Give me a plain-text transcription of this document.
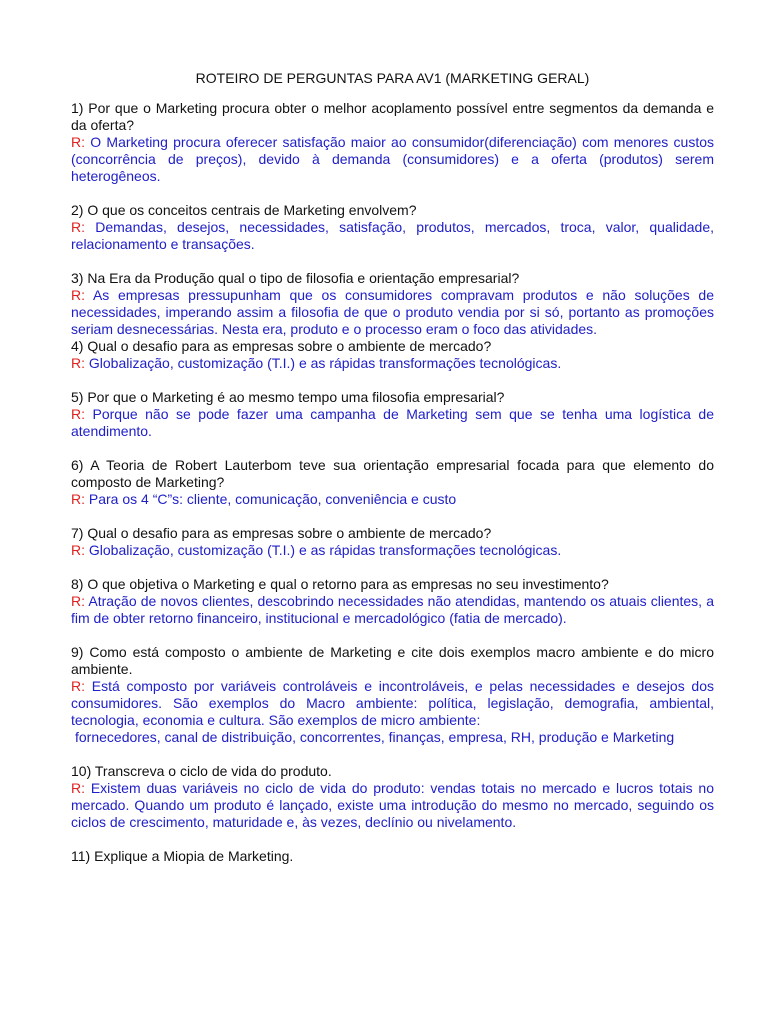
ROTEIRO DE PERGUNTAS PARA AV1 (MARKETING GERAL)

1) Por que o Marketing procura obter o melhor acoplamento possível entre segmentos da demanda e da oferta?

R: O Marketing procura oferecer satisfação maior ao consumidor(diferenciação) com menores custos (concorrência de preços), devido à demanda (consumidores) e a oferta (produtos) serem heterogêneos.

2) O que os conceitos centrais de Marketing envolvem?

R: Demandas, desejos, necessidades, satisfação, produtos, mercados, troca, valor, qualidade, relacionamento e transações.

3) Na Era da Produção qual o tipo de filosofia e orientação empresarial?

R: As empresas pressupunham que os consumidores compravam produtos e não soluções de necessidades, imperando assim a filosofia de que o produto vendia por si só, portanto as promoções seriam desnecessárias. Nesta era, produto e o processo eram o foco das atividades.

4) Qual o desafio para as empresas sobre o ambiente de mercado?

R: Globalização, customização (T.I.) e as rápidas transformações tecnológicas.

5) Por que o Marketing é ao mesmo tempo uma filosofia empresarial?

R: Porque não se pode fazer uma campanha de Marketing sem que se tenha uma logística de atendimento.

6) A Teoria de Robert Lauterbom teve sua orientação empresarial focada para que elemento do composto de Marketing?

R: Para os 4 “C”s: cliente, comunicação, conveniência e custo

7) Qual o desafio para as empresas sobre o ambiente de mercado?

R: Globalização, customização (T.I.) e as rápidas transformações tecnológicas.

8) O que objetiva o Marketing e qual o retorno para as empresas no seu investimento?

R: Atração de novos clientes, descobrindo necessidades não atendidas, mantendo os atuais clientes, a fim de obter retorno financeiro, institucional e mercadológico (fatia de mercado).

9) Como está composto o ambiente de Marketing e cite dois exemplos macro ambiente e do micro ambiente.

R: Está composto por variáveis controláveis e incontroláveis, e pelas necessidades e desejos dos consumidores. São exemplos do Macro ambiente: política, legislação, demografia, ambiental, tecnologia, economia e cultura. São exemplos de micro ambiente:

fornecedores, canal de distribuição, concorrentes, finanças, empresa, RH, produção e Marketing

10) Transcreva o ciclo de vida do produto.

R: Existem duas variáveis no ciclo de vida do produto: vendas totais no mercado e lucros totais no mercado. Quando um produto é lançado, existe uma introdução do mesmo no mercado, seguindo os ciclos de crescimento, maturidade e, às vezes, declínio ou nivelamento.

11) Explique a Miopia de Marketing.
